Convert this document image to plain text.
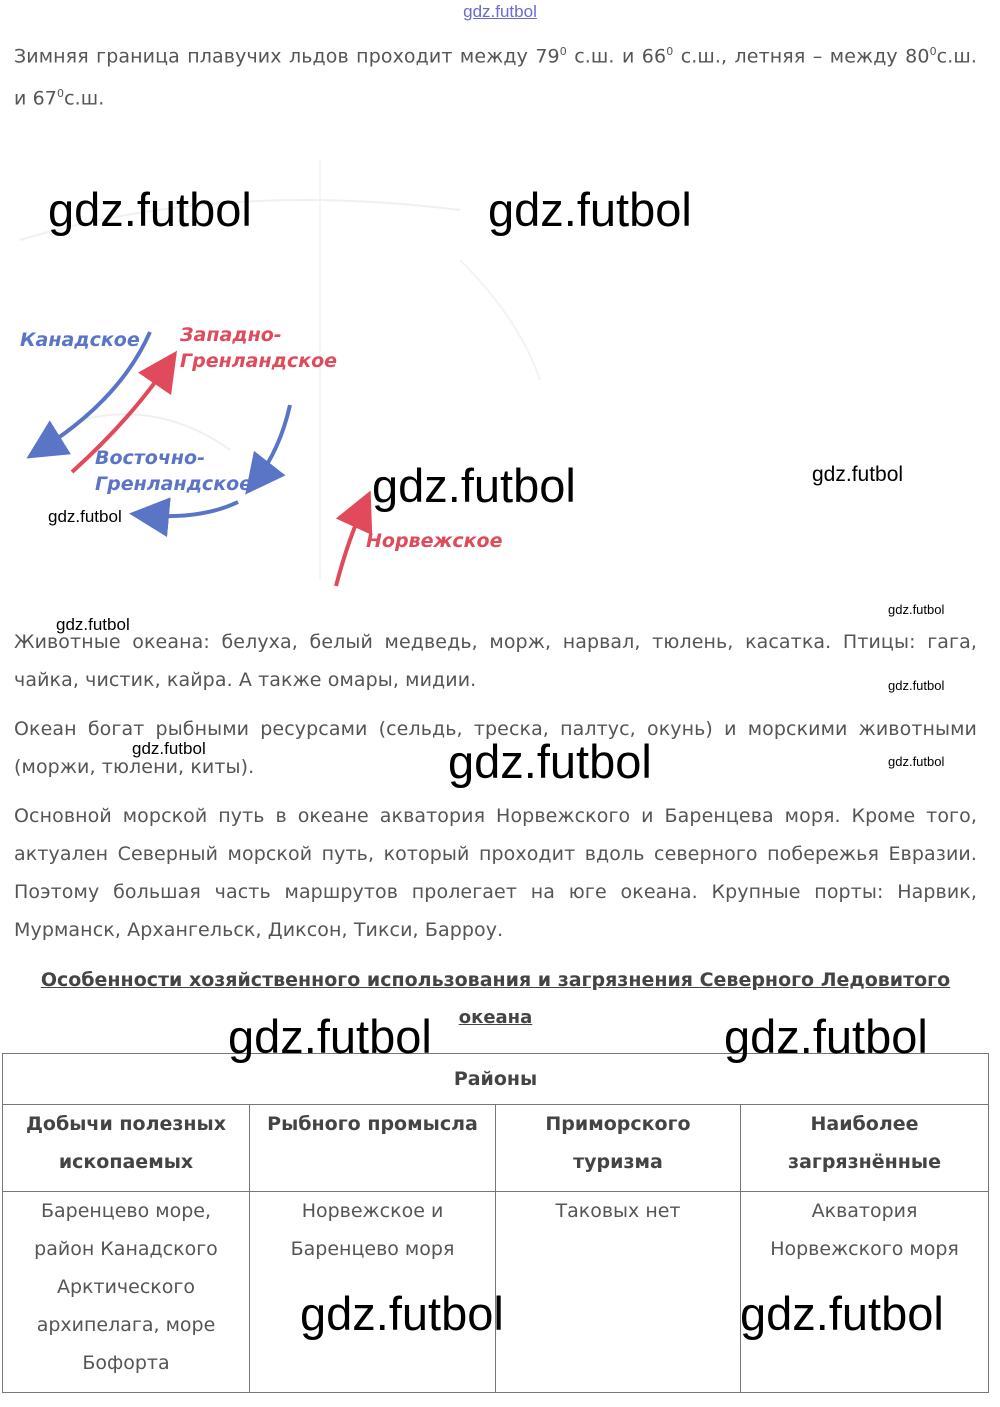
gdz.futbol
Зимняя граница плавучих льдов проходит между $79^0$ с.ш. и $66^0$ с.ш., летняя – между $80^0с.ш$. и $67^0с.ш$.
Канадское Западно-
Гренландское
Восточно-
Гренландское
Норвежское
Животные океана: белуха, белый медведь, морж, нарвал, тюлень, касатка. Птицы: гага, чайка, чистик, кайра. А также омары, мидии.
Океан богат рыбными ресурсами (сельдь, треска, палтус, окунь) и морскими животными (моржи, тюлени, киты).
Основной морской путь в океане акватория Норвежского и Баренцева моря. Кроме того, актуален Северный морской путь, который проходит вдоль северного побережья Евразии. Поэтому большая часть маршрутов пролегает на юге океана. Крупные порты: Нарвик, Мурманск, Архангельск, Диксон, Тикси, Барроу.
Особенности хозяйственного использования и загрязнения Северного Ледовитого
океана
Районы			
Добычи полезных ископаемых	Рыбного промысла	Приморского туризма	Наиболее загрязнённые
Баренцево море, район Канадского Арктического архипелага, море Бофорта	Норвежское и Баренцево моря	Таковых нет	Акватория Норвежского моря
gdz.futbol	gdz.futbol
gdz.futbol	gdz.futbol
gdz.futbol
gdz.futbol
gdz.futbol
gdz.futbol
gdz.futbol	gdz.futbol	gdz.futbol
gdz.futbol	gdz.futbol
gdz.futbol	gdz.futbol
